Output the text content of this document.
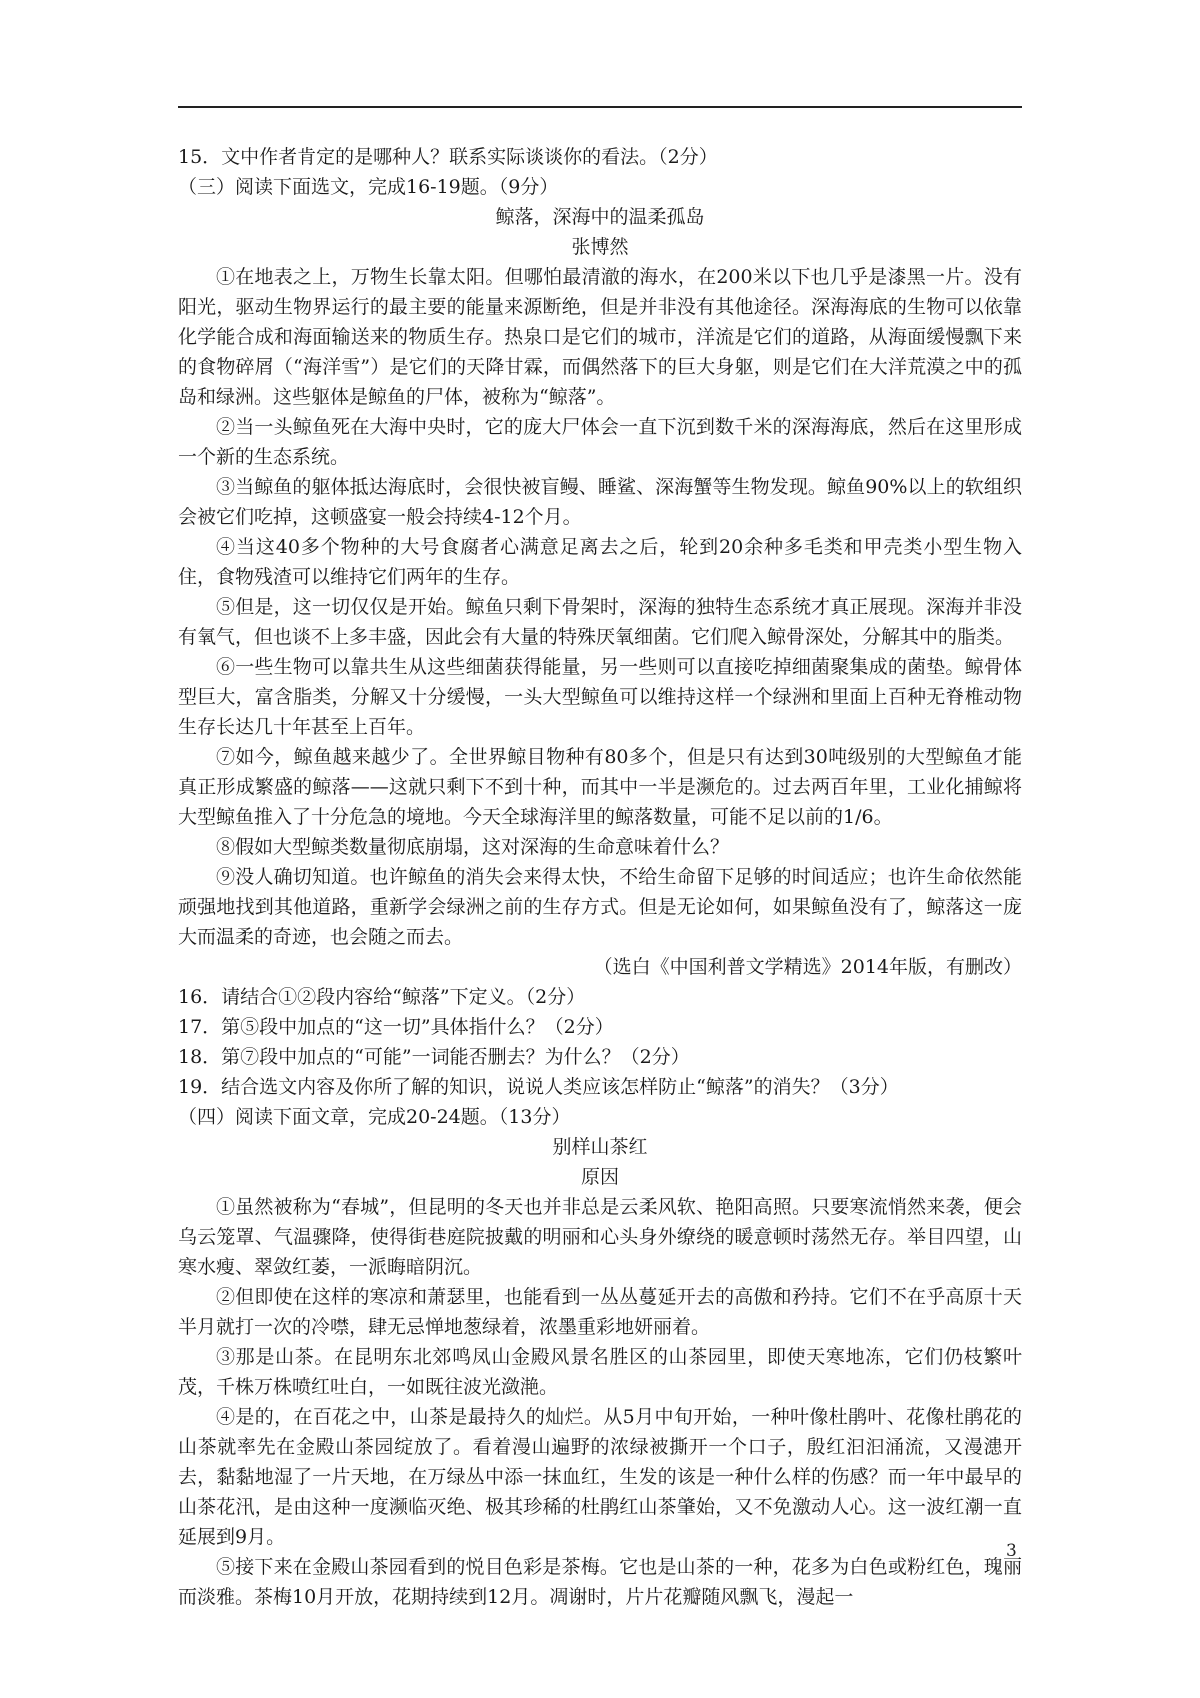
15．文中作者肯定的是哪种人？联系实际谈谈你的看法。（2分）
（三）阅读下面选文，完成16-19题。（9分）
鲸落，深海中的温柔孤岛
张博然
①在地表之上，万物生长靠太阳。但哪怕最清澈的海水，在200米以下也几乎是漆黑一片。没有阳光，驱动生物界运行的最主要的能量来源断绝，但是并非没有其他途径。深海海底的生物可以依靠化学能合成和海面输送来的物质生存。热泉口是它们的城市，洋流是它们的道路，从海面缓慢飘下来的食物碎屑（“海洋雪”）是它们的天降甘霖，而偶然落下的巨大身躯，则是它们在大洋荒漠之中的孤岛和绿洲。这些躯体是鲸鱼的尸体，被称为“鲸落”。
②当一头鲸鱼死在大海中央时，它的庞大尸体会一直下沉到数千米的深海海底，然后在这里形成一个新的生态系统。
③当鲸鱼的躯体抵达海底时，会很快被盲鳗、睡鲨、深海蟹等生物发现。鲸鱼90%以上的软组织会被它们吃掉，这顿盛宴一般会持续4-12个月。
④当这40多个物种的大号食腐者心满意足离去之后，轮到20余种多毛类和甲壳类小型生物入住，食物残渣可以维持它们两年的生存。
⑤但是，这一切仅仅是开始。鲸鱼只剩下骨架时，深海的独特生态系统才真正展现。深海并非没有氧气，但也谈不上多丰盛，因此会有大量的特殊厌氧细菌。它们爬入鲸骨深处，分解其中的脂类。
⑥一些生物可以靠共生从这些细菌获得能量，另一些则可以直接吃掉细菌聚集成的菌垫。鲸骨体型巨大，富含脂类，分解又十分缓慢，一头大型鲸鱼可以维持这样一个绿洲和里面上百种无脊椎动物生存长达几十年甚至上百年。
⑦如今，鲸鱼越来越少了。全世界鲸目物种有80多个，但是只有达到30吨级别的大型鲸鱼才能真正形成繁盛的鲸落——这就只剩下不到十种，而其中一半是濒危的。过去两百年里，工业化捕鲸将大型鲸鱼推入了十分危急的境地。今天全球海洋里的鲸落数量，可能不足以前的1/6。
⑧假如大型鲸类数量彻底崩塌，这对深海的生命意味着什么？
⑨没人确切知道。也许鲸鱼的消失会来得太快，不给生命留下足够的时间适应；也许生命依然能顽强地找到其他道路，重新学会绿洲之前的生存方式。但是无论如何，如果鲸鱼没有了，鲸落这一庞大而温柔的奇迹，也会随之而去。
（选白《中国利普文学精选》2014年版，有删改）
16．请结合①②段内容给“鲸落”下定义。（2分）
17．第⑤段中加点的“这一切”具体指什么？（2分）
18．第⑦段中加点的“可能”一词能否删去？为什么？（2分）
19．结合选文内容及你所了解的知识，说说人类应该怎样防止“鲸落”的消失？（3分）
（四）阅读下面文章，完成20-24题。（13分）
别样山茶红
原因
①虽然被称为“春城”，但昆明的冬天也并非总是云柔风软、艳阳高照。只要寒流悄然来袭，便会乌云笼罩、气温骤降，使得街巷庭院披戴的明丽和心头身外缭绕的暖意顿时荡然无存。举目四望，山寒水瘦、翠敛红萎，一派晦暗阴沉。
②但即使在这样的寒凉和萧瑟里，也能看到一丛丛蔓延开去的高傲和矜持。它们不在乎高原十天半月就打一次的冷噤，肆无忌惮地葱绿着，浓墨重彩地妍丽着。
③那是山茶。在昆明东北郊鸣凤山金殿风景名胜区的山茶园里，即使天寒地冻，它们仍枝繁叶茂，千株万株喷红吐白，一如既往波光潋滟。
④是的，在百花之中，山茶是最持久的灿烂。从5月中旬开始，一种叶像杜鹃叶、花像杜鹃花的山茶就率先在金殿山茶园绽放了。看着漫山遍野的浓绿被撕开一个口子，殷红汩汩涌流，又漫漶开去，黏黏地湿了一片天地，在万绿丛中添一抹血红，生发的该是一种什么样的伤感？而一年中最早的山茶花汛，是由这种一度濒临灭绝、极其珍稀的杜鹃红山茶肇始，又不免激动人心。这一波红潮一直延展到9月。
⑤接下来在金殿山茶园看到的悦目色彩是茶梅。它也是山茶的一种，花多为白色或粉红色，瑰丽而淡雅。茶梅10月开放，花期持续到12月。凋谢时，片片花瓣随风飘飞，漫起一
3
